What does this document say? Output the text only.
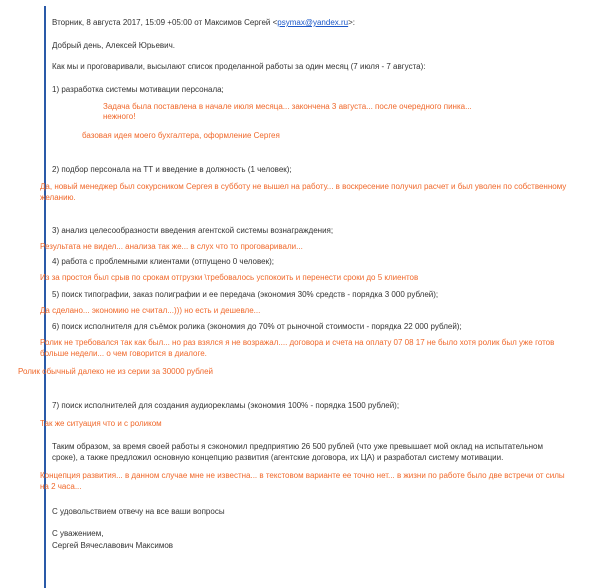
Вторник, 8 августа 2017, 15:09 +05:00 от Максимов Сергей <psymax@yandex.ru>:
Добрый день, Алексей Юрьевич.
Как мы и проговаривали, высылают список проделанной работы за один месяц (7 июля - 7 августа):
1) разработка системы мотивации персонала;
Задача была поставлена в начале июля месяца... закончена 3 августа... после очередного пинка...
нежного!
базовая идея моего бухгалтера, оформление Сергея
2) подбор персонала на ТТ и введение в должность (1 человек);
Да, новый менеджер был сокурсником Сергея в субботу не вышел на работу... в воскресение получил расчет и был уволен по собственному желанию.
3) анализ целесообразности введения агентской системы вознаграждения;
Результата не видел... анализа так же... в слух что то проговаривали...
4) работа с проблемными клиентами (отпущено 0 человек);
Из за простоя был срыв по срокам отгрузки \требовалось успокоить и перенести сроки до 5 клиентов
5) поиск типографии, заказ полиграфии и ее передача (экономия 30% средств - порядка 3 000 рублей);
Да сделано... экономию не считал...))) но есть и дешевле...
6) поиск исполнителя для съёмок ролика (экономия до 70% от рыночной стоимости - порядка 22 000 рублей);
Ролик не требовался так как был... но раз взялся я не возражал.... договора и счета на оплату 07 08 17 не было хотя ролик был уже готов больше недели... о чем говорится в диалоге.
Ролик обычный далеко не из серии за 30000 рублей
7) поиск исполнителей для создания аудиорекламы (экономия 100% - порядка 1500 рублей);
Так же ситуация что и с роликом
Таким образом, за время своей работы я сэкономил предприятию 26 500 рублей (что уже превышает мой оклад на испытательном сроке), а также предложил основную концепцию развития (агентские договора, их ЦА) и разработал систему мотивации.
Концепция развития... в данном случае мне не известна... в текстовом варианте ее точно нет... в жизни по работе было две встречи от силы на 2 часа...
С удовольствием отвечу на все ваши вопросы
С уважением,
Сергей Вячеславович Максимов
